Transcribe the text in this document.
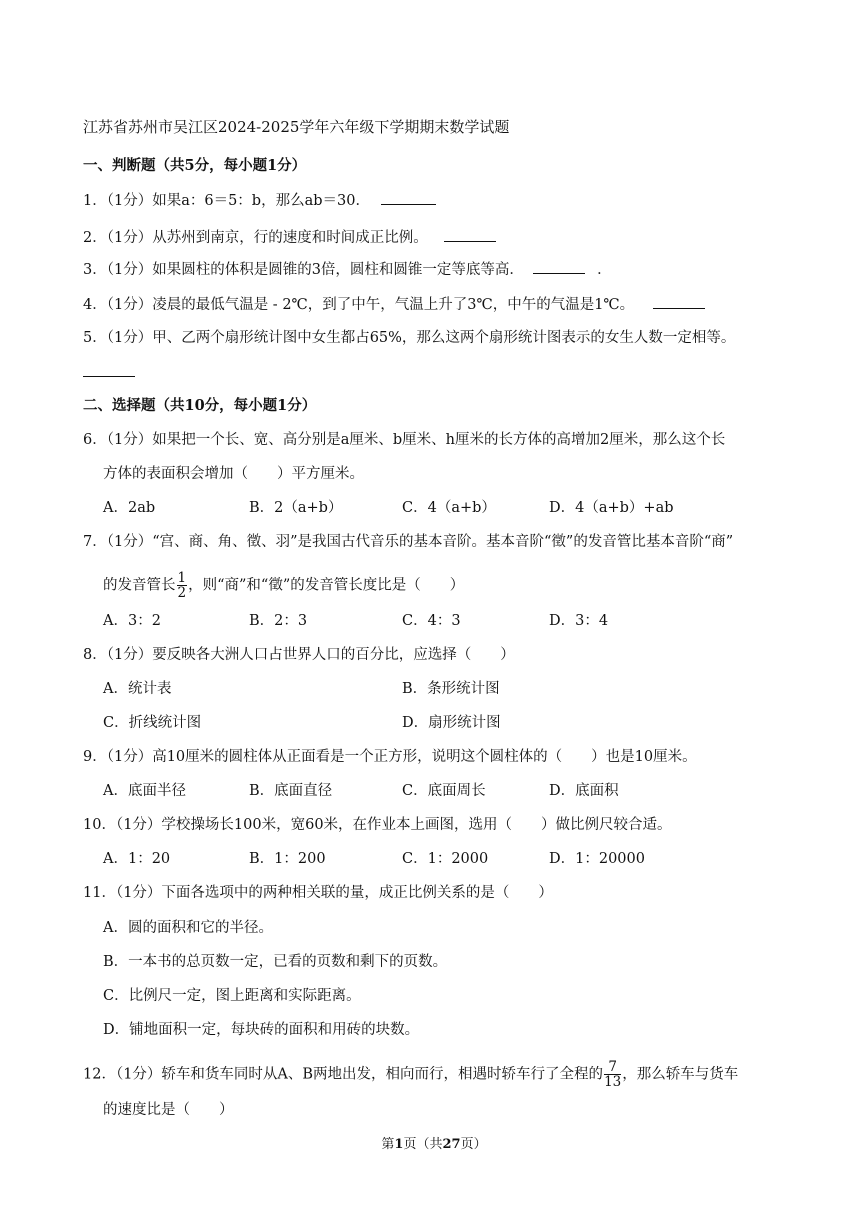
江苏省苏州市吴江区2024-2025学年六年级下学期期末数学试题
一、判断题（共5分，每小题1分）
1．（1分）如果a：6＝5：b，那么ab＝30．
2．（1分）从苏州到南京，行的速度和时间成正比例。
3．（1分）如果圆柱的体积是圆锥的3倍，圆柱和圆锥一定等底等高．	．
4．（1分）凌晨的最低气温是 - 2℃，到了中午，气温上升了3℃，中午的气温是1℃。
5．（1分）甲、乙两个扇形统计图中女生都占65%，那么这两个扇形统计图表示的女生人数一定相等。
二、选择题（共10分，每小题1分）
6．（1分）如果把一个长、宽、高分别是a厘米、b厘米、h厘米的长方体的高增加2厘米，那么这个长
方体的表面积会增加（　　）平方厘米。
A．2ab	B．2（a+b）	C．4（a+b）	D．4（a+b）+ab
7．（1分）“宫、商、角、徵、羽”是我国古代音乐的基本音阶。基本音阶“徵”的发音管比基本音阶“商”
的发音管长 $\frac{1}{2}$ ，则“商”和“徵”的发音管长度比是（　　）
A．3：2	B．2：3	C．4：3	D．3：4
8．（1分）要反映各大洲人口占世界人口的百分比，应选择（　　）
A．统计表	B．条形统计图
C．折线统计图	D．扇形统计图
9．（1分）高10厘米的圆柱体从正面看是一个正方形，说明这个圆柱体的（　　）也是10厘米。
A．底面半径	B．底面直径	C．底面周长	D．底面积
10．（1分）学校操场长100米，宽60米，在作业本上画图，选用（　　）做比例尺较合适。
A．1：20	B．1：200	C．1：2000	D．1：20000
11．（1分）下面各选项中的两种相关联的量，成正比例关系的是（　　）
A．圆的面积和它的半径。
B．一本书的总页数一定，已看的页数和剩下的页数。
C．比例尺一定，图上距离和实际距离。
D．铺地面积一定，每块砖的面积和用砖的块数。
12．（1分）轿车和货车同时从A、B两地出发，相向而行，相遇时轿车行了全程的 $\frac{7}{13}$ ，那么轿车与货车
的速度比是（　　）
第1页（共27页）
